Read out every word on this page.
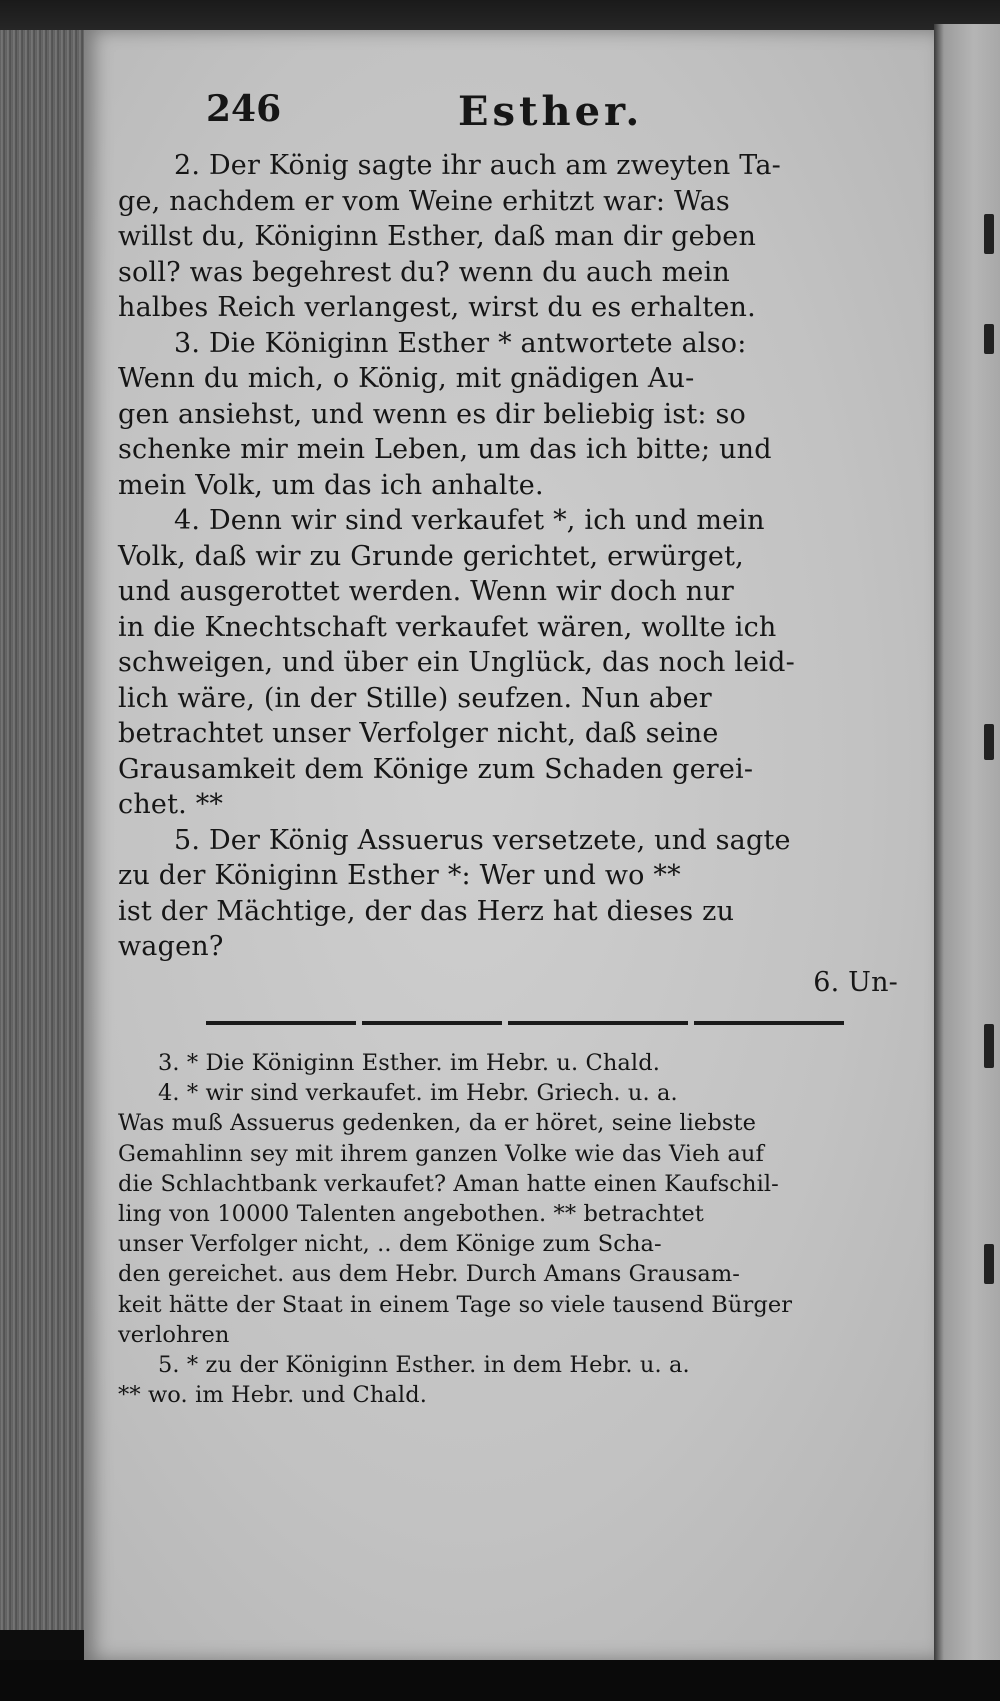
246	Esther.
2. Der König sagte ihr auch am zweyten Ta-
ge, nachdem er vom Weine erhitzt war: Was
willst du, Königinn Esther, daß man dir geben
soll? was begehrest du? wenn du auch mein
halbes Reich verlangest, wirst du es erhalten.
3. Die Königinn Esther * antwortete also:
Wenn du mich, o König, mit gnädigen Au-
gen ansiehst, und wenn es dir beliebig ist: so
schenke mir mein Leben, um das ich bitte; und
mein Volk, um das ich anhalte.
4. Denn wir sind verkaufet *, ich und mein
Volk, daß wir zu Grunde gerichtet, erwürget,
und ausgerottet werden. Wenn wir doch nur
in die Knechtschaft verkaufet wären, wollte ich
schweigen, und über ein Unglück, das noch leid-
lich wäre, (in der Stille) seufzen. Nun aber
betrachtet unser Verfolger nicht, daß seine
Grausamkeit dem Könige zum Schaden gerei-
chet. **
5. Der König Assuerus versetzete, und sagte
zu der Königinn Esther *: Wer und wo **
ist der Mächtige, der das Herz hat dieses zu
wagen?
6. Un-
3. * Die Königinn Esther. im Hebr. u. Chald.
4. * wir sind verkaufet. im Hebr. Griech. u. a.
Was muß Assuerus gedenken, da er höret, seine liebste
Gemahlinn sey mit ihrem ganzen Volke wie das Vieh auf
die Schlachtbank verkaufet? Aman hatte einen Kaufschil-
ling von 10000 Talenten angebothen. ** betrachtet
unser Verfolger nicht, .. dem Könige zum Scha-
den gereichet. aus dem Hebr. Durch Amans Grausam-
keit hätte der Staat in einem Tage so viele tausend Bürger
verlohren
5. * zu der Königinn Esther. in dem Hebr. u. a.
** wo. im Hebr. und Chald.
